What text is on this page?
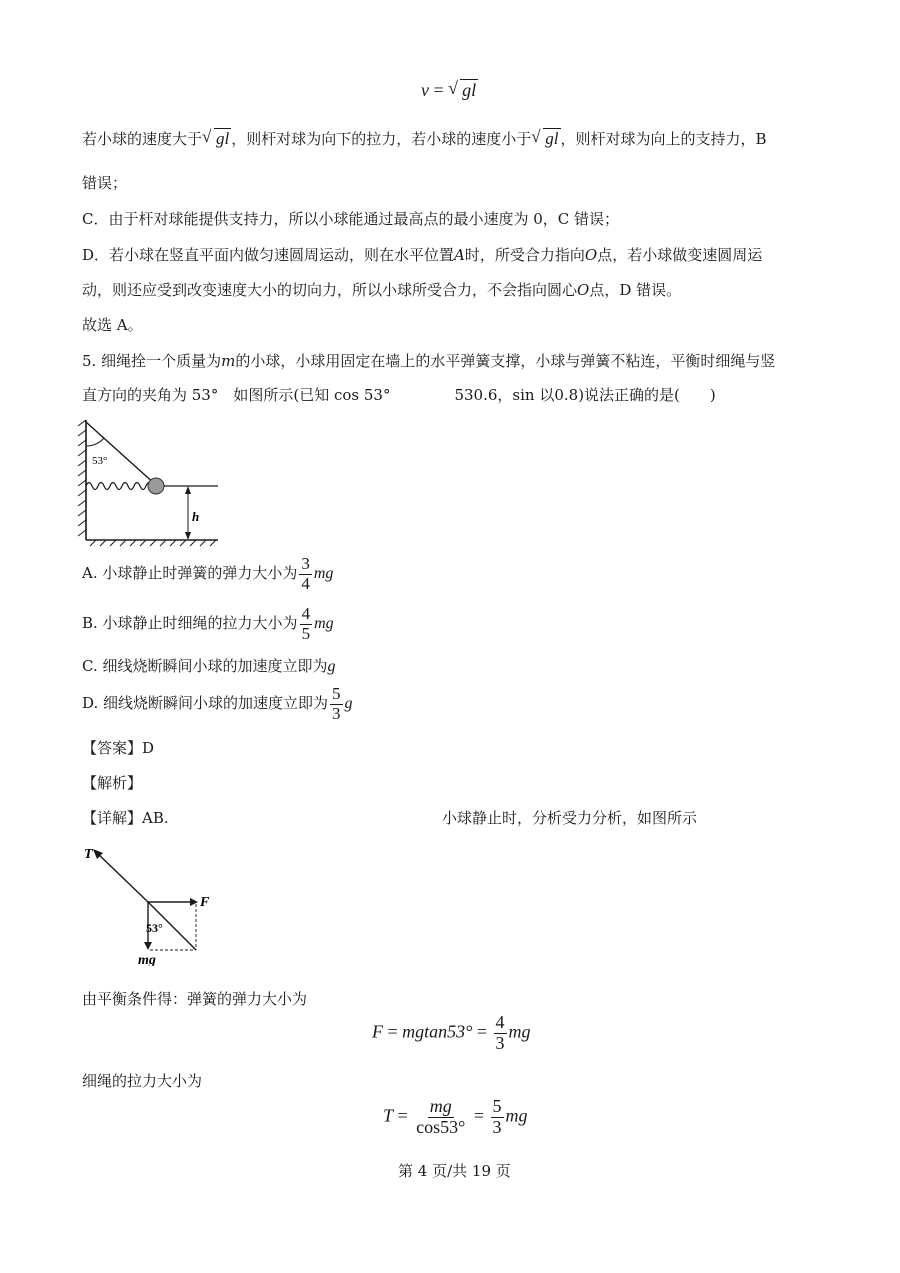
v = √ gl
若小球的速度大于 √ gl ，则杆对球为向下的拉力，若小球的速度小于 √ gl ，则杆对球为向上的支持力，B
错误；
C．由于杆对球能提供支持力，所以小球能通过最高点的最小速度为 0，C 错误；
D．若小球在竖直平面内做匀速圆周运动，则在水平位置A时，所受合力指向O点，若小球做变速圆周运
动，则还应受到改变速度大小的切向力，所以小球所受合力，不会指向圆心O点，D 错误。
故选 A。
5. 细绳拴一个质量为m的小球，小球用固定在墙上的水平弹簧支撑，小球与弹簧不粘连，平衡时细绳与竖
直方向的夹角为 53°　如图所示(已知 cos 53°	530.6，sin 以0.8)说法正确的是(　　)
53°
h
A. 小球静止时弹簧的弹力大小为 $\frac{3}{4}$ mg
B. 小球静止时细绳的拉力大小为 $\frac{4}{5}$ mg
C. 细线烧断瞬间小球的加速度立即为g
D. 细线烧断瞬间小球的加速度立即为 $\frac{5}{3}$ g
【答案】D
【解析】
【详解】AB.	小球静止时，分析受力分析，如图所示
T
F
mg
53°
由平衡条件得：弹簧的弹力大小为
$F = mgtan53^\circ = \frac{4}{3}$ mg
细绳的拉力大小为
$T = \frac{mg}{\cos 53^\circ} = \frac{5}{3}$ mg
第 4 页/共 19 页
